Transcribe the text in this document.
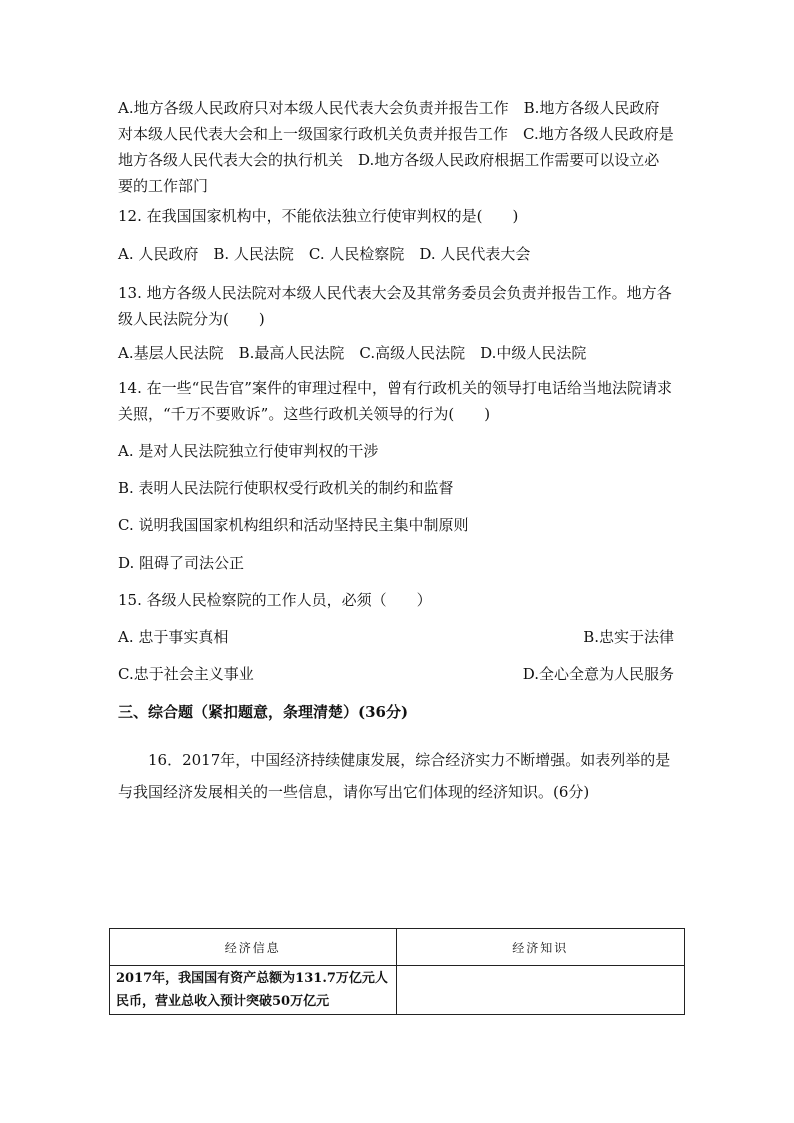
A.地方各级人民政府只对本级人民代表大会负责并报告工作　B.地方各级人民政府对本级人民代表大会和上一级国家行政机关负责并报告工作　C.地方各级人民政府是地方各级人民代表大会的执行机关　D.地方各级人民政府根据工作需要可以设立必要的工作部门

12. 在我国国家机构中，不能依法独立行使审判权的是(　　)

A. 人民政府　B. 人民法院　C. 人民检察院　D. 人民代表大会

13. 地方各级人民法院对本级人民代表大会及其常务委员会负责并报告工作。地方各级人民法院分为(　　)

A.基层人民法院　B.最高人民法院　C.高级人民法院　D.中级人民法院

14. 在一些“民告官”案件的审理过程中，曾有行政机关的领导打电话给当地法院请求关照，“千万不要败诉”。这些行政机关领导的行为(　　)

A. 是对人民法院独立行使审判权的干涉

B. 表明人民法院行使职权受行政机关的制约和监督

C. 说明我国国家机构组织和活动坚持民主集中制原则

D. 阻碍了司法公正

15. 各级人民检察院的工作人员，必须（　　）

A. 忠于事实真相	B.忠实于法律
C.忠于社会主义事业	D.全心全意为人民服务

三、综合题（紧扣题意，条理清楚）(36分)

16．2017年，中国经济持续健康发展，综合经济实力不断增强。如表列举的是与我国经济发展相关的一些信息，请你写出它们体现的经济知识。(6分)

经济信息	经济知识
2017年，我国国有资产总额为131.7万亿元人民币，营业总收入预计突破50万亿元	
